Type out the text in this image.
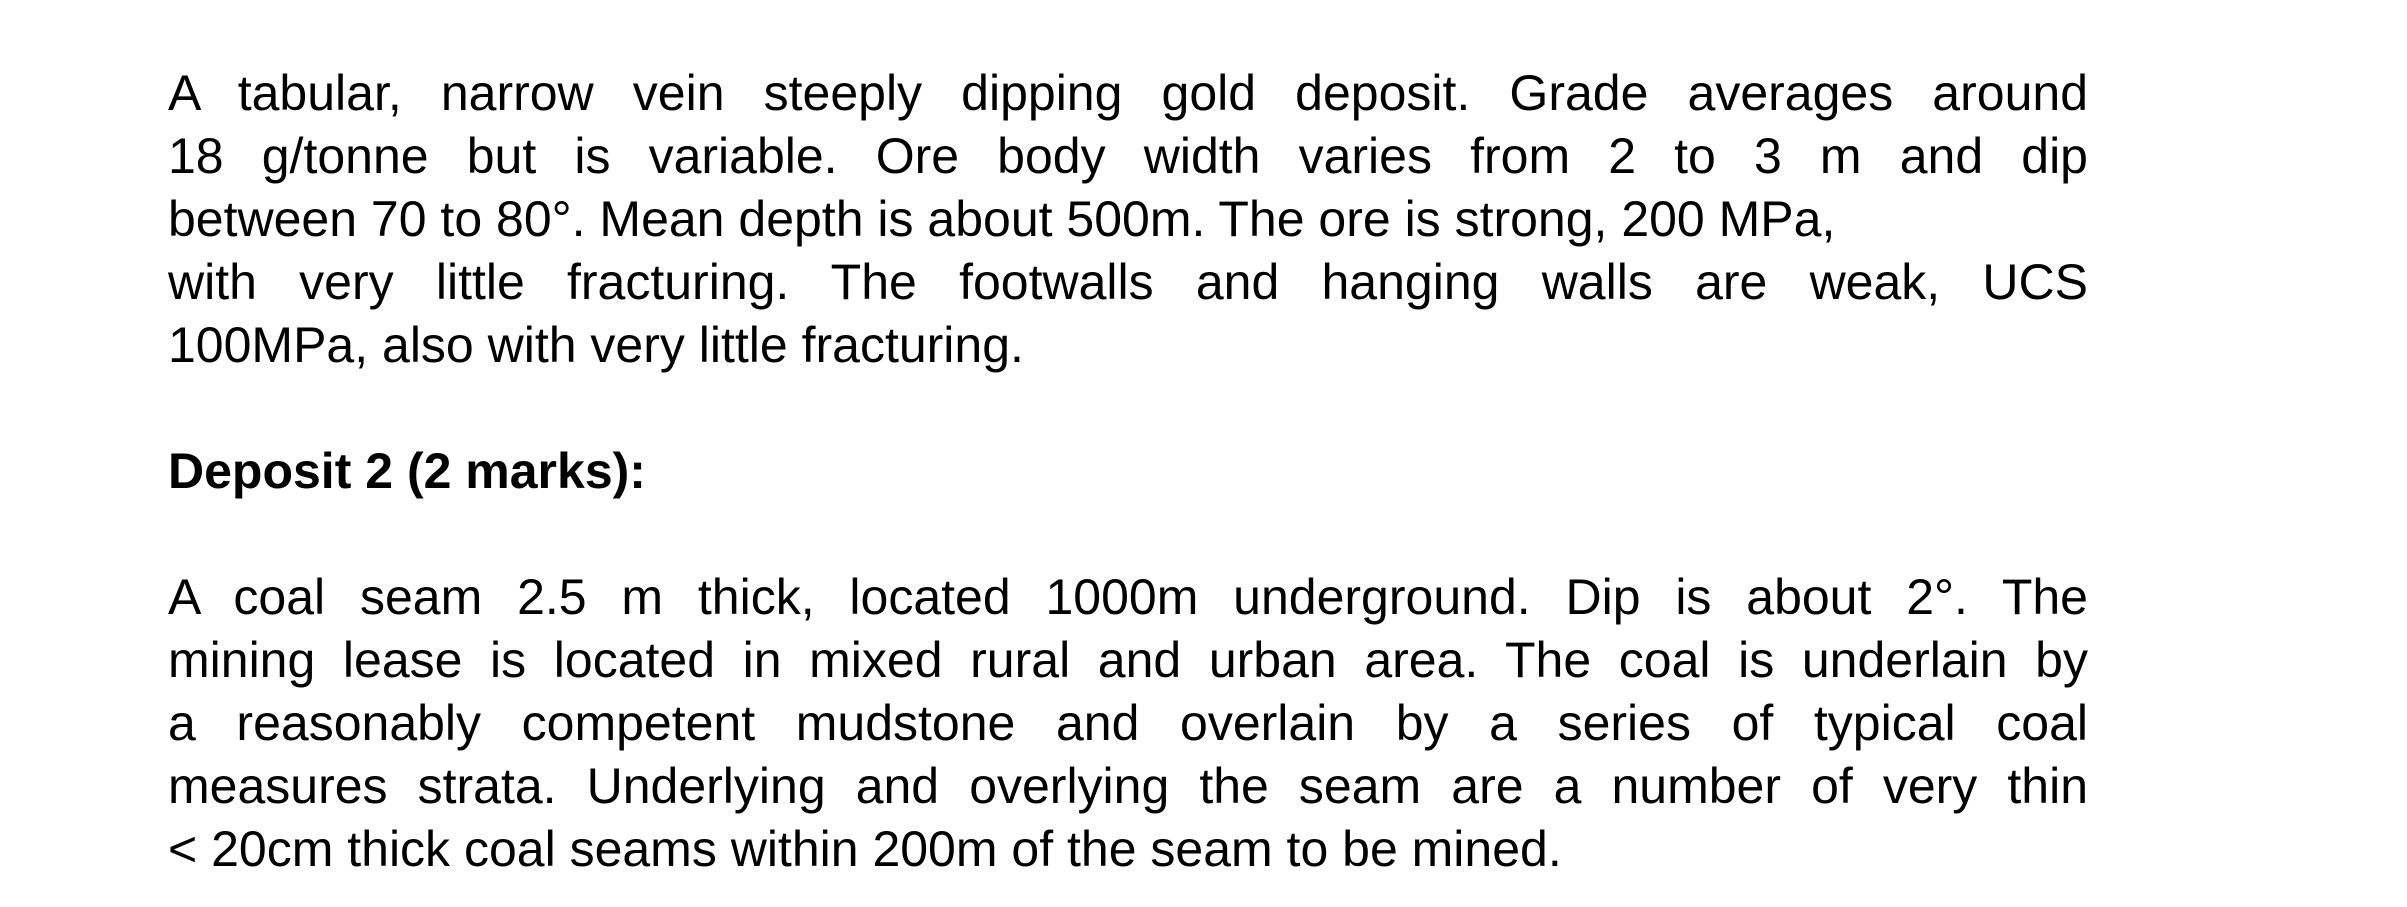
A tabular, narrow vein steeply dipping gold deposit. Grade averages around
18 g/tonne but is variable. Ore body width varies from 2 to 3 m and dip
between 70 to 80°. Mean depth is about 500m. The ore is strong, 200 MPa,
with very little fracturing. The footwalls and hanging walls are weak, UCS
100MPa, also with very little fracturing.
Deposit 2 (2 marks):
A coal seam 2.5 m thick, located 1000m underground. Dip is about 2°. The
mining lease is located in mixed rural and urban area. The coal is underlain by
a reasonably competent mudstone and overlain by a series of typical coal
measures strata. Underlying and overlying the seam are a number of very thin
< 20cm thick coal seams within 200m of the seam to be mined.
